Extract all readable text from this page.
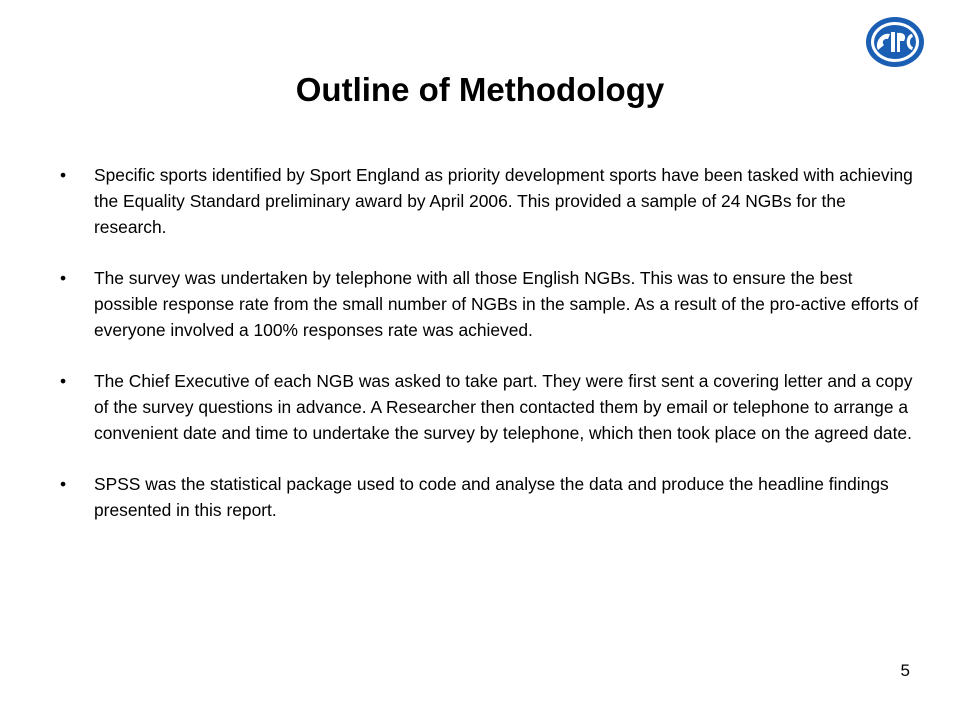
Outline of Methodology
•	Specific sports identified by Sport England as priority development sports have been tasked with achieving the Equality Standard preliminary award by April 2006. This provided a sample of 24 NGBs for the research.
•	The survey was undertaken by telephone with all those English NGBs. This was to ensure the best possible response rate from the small number of NGBs in the sample. As a result of the pro-active efforts of everyone involved a 100% responses rate was achieved.
•	The Chief Executive of each NGB was asked to take part. They were first sent a covering letter and a copy of the survey questions in advance. A Researcher then contacted them by email or telephone to arrange a convenient date and time to undertake the survey by telephone, which then took place on the agreed date.
•	SPSS was the statistical package used to code and analyse the data and produce the headline findings presented in this report.
5
